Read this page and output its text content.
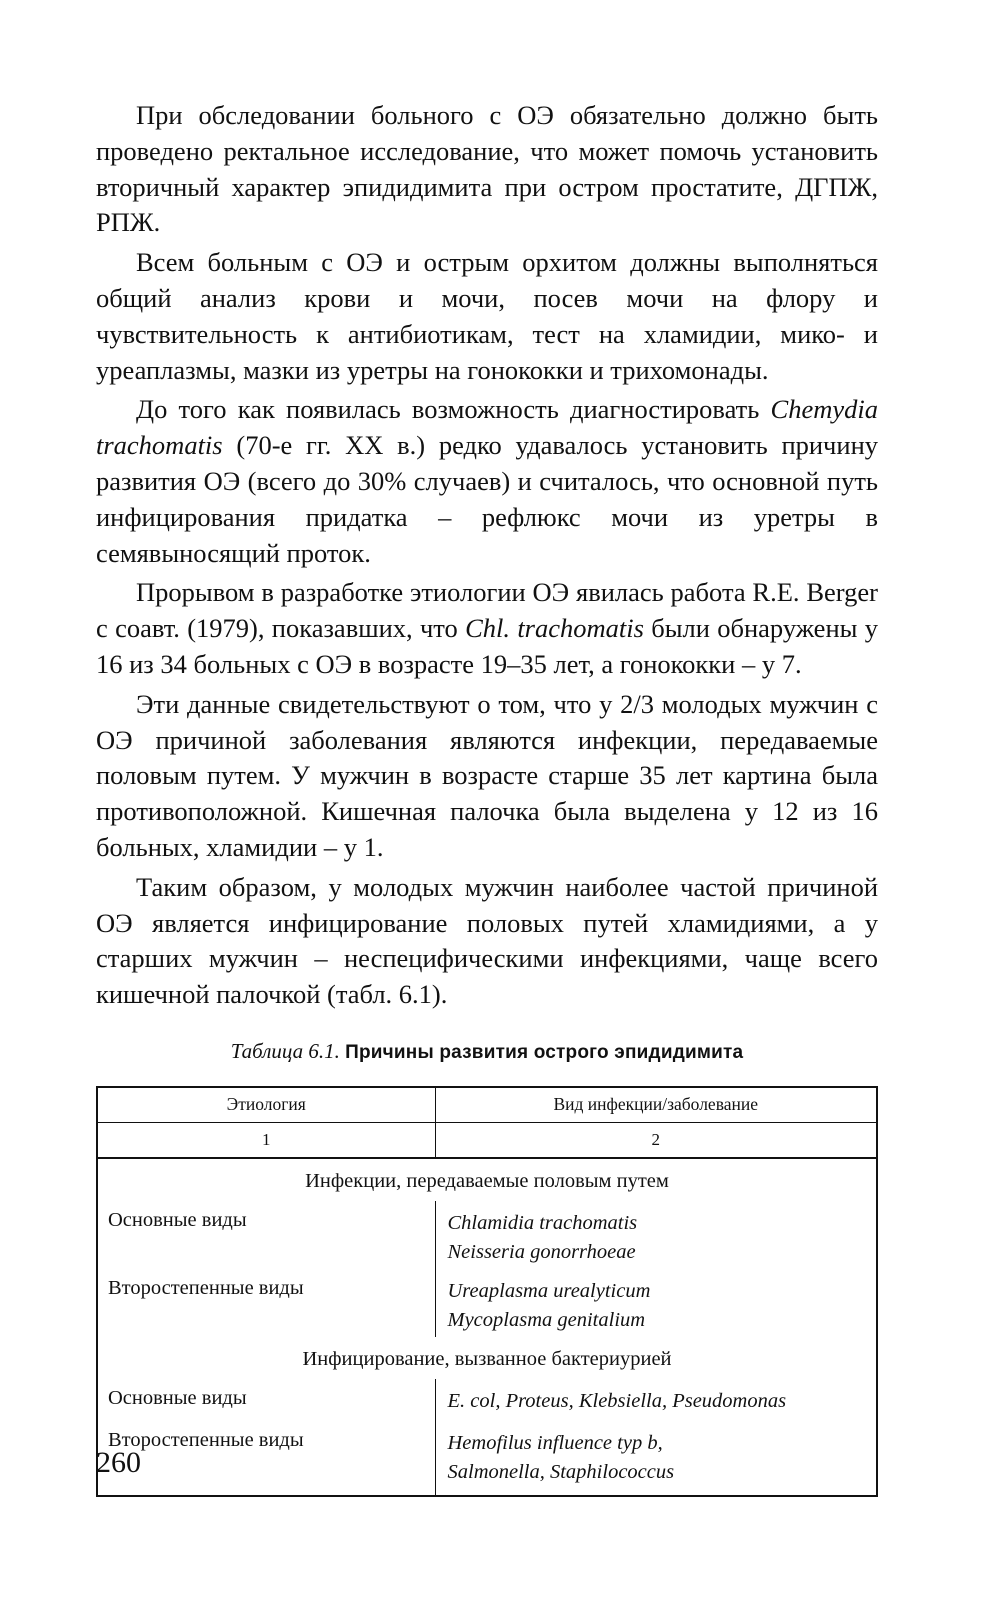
При обследовании больного с ОЭ обязательно должно быть проведено ректальное исследование, что может помочь установить вторичный характер эпидидимита при остром простатите, ДГПЖ, РПЖ.

Всем больным с ОЭ и острым орхитом должны выполняться общий анализ крови и мочи, посев мочи на флору и чувствительность к антибиотикам, тест на хламидии, мико- и уреаплазмы, мазки из уретры на гонококки и трихомонады.

До того как появилась возможность диагностировать Chemydia trachomatis (70-е гг. XX в.) редко удавалось установить причину развития ОЭ (всего до 30% случаев) и считалось, что основной путь инфицирования придатка – рефлюкс мочи из уретры в семявыносящий проток.

Прорывом в разработке этиологии ОЭ явилась работа R.E. Berger с соавт. (1979), показавших, что Chl. trachomatis были обнаружены у 16 из 34 больных с ОЭ в возрасте 19–35 лет, а гонококки – у 7.

Эти данные свидетельствуют о том, что у 2/3 молодых мужчин с ОЭ причиной заболевания являются инфекции, передаваемые половым путем. У мужчин в возрасте старше 35 лет картина была противоположной. Кишечная палочка была выделена у 12 из 16 больных, хламидии – у 1.

Таким образом, у молодых мужчин наиболее частой причиной ОЭ является инфицирование половых путей хламидиями, а у старших мужчин – неспецифическими инфекциями, чаще всего кишечной палочкой (табл. 6.1).

Таблица 6.1. Причины развития острого эпидидимита
Этиология	Вид инфекции/заболевание
1	2
Инфекции, передаваемые половым путем	
Основные виды	Chlamidia trachomatis
Neisseria gonorrhoeae

Второстепенные виды	Ureaplasma urealyticum
Mycoplasma genitalium

Инфицирование, вызванное бактериурией	
Основные виды	E. col, Proteus, Klebsiella, Pseudomonas

Второстепенные виды	Hemofilus influence typ b,
Salmonella, Staphilococcus
260
